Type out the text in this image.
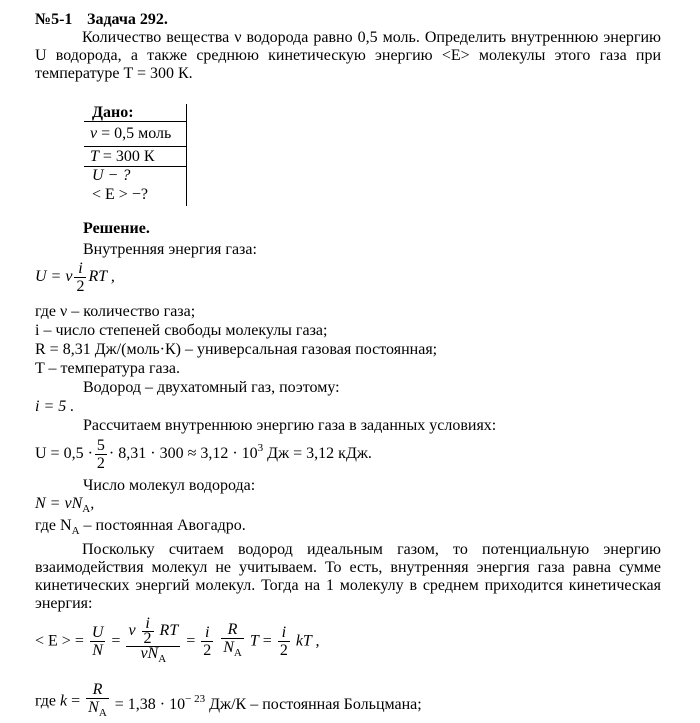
№5-1 Задача 292.
Количество вещества ν водорода равно 0,5 моль. Определить внутреннюю энергию
U водорода, а также среднюю кинетическую энергию <E> молекулы этого газа при
температуре T = 300 К.
Дано:
ν = 0,5 моль
T = 300 К
U − ?
< E > −?
Решение.
Внутренняя энергия газа:
U = ν $\frac{i}{2}$ RT ,
где ν – количество газа;
i – число степеней свободы молекулы газа;
R = 8,31 Дж/(моль·К) – универсальная газовая постоянная;
T – температура газа.
Водород – двухатомный газ, поэтому:
i = 5 .
Рассчитаем внутреннюю энергию газа в заданных условиях:
$U = 0,5 \cdot \frac{5}{2} \cdot 8,31 \cdot 300 \approx 3,12 \cdot 10^3$ Дж = 3,12 кДж.
Число молекул водорода:
$N = \nu N_A$,
где $N_A$ – постоянная Авогадро.
Поскольку считаем водород идеальным газом, то потенциальную энергию
взаимодействия молекул не учитываем. То есть, внутренняя энергия газа равна сумме
кинетических энергий молекул. Тогда на 1 молекулу в среднем приходится кинетическая
энергия:
< E > = $\frac{U}{N}$ =
ν $\frac{i}{2}$ RT
$\nu N_A$
= $\frac{i}{2}$
$\frac{R}{N_A}$ $T = \frac{i}{2}$ kT ,
где $k = \frac{R}{N_A} = 1,38 \cdot 10^{- 23}$ Дж/К – постоянная Больцмана;
